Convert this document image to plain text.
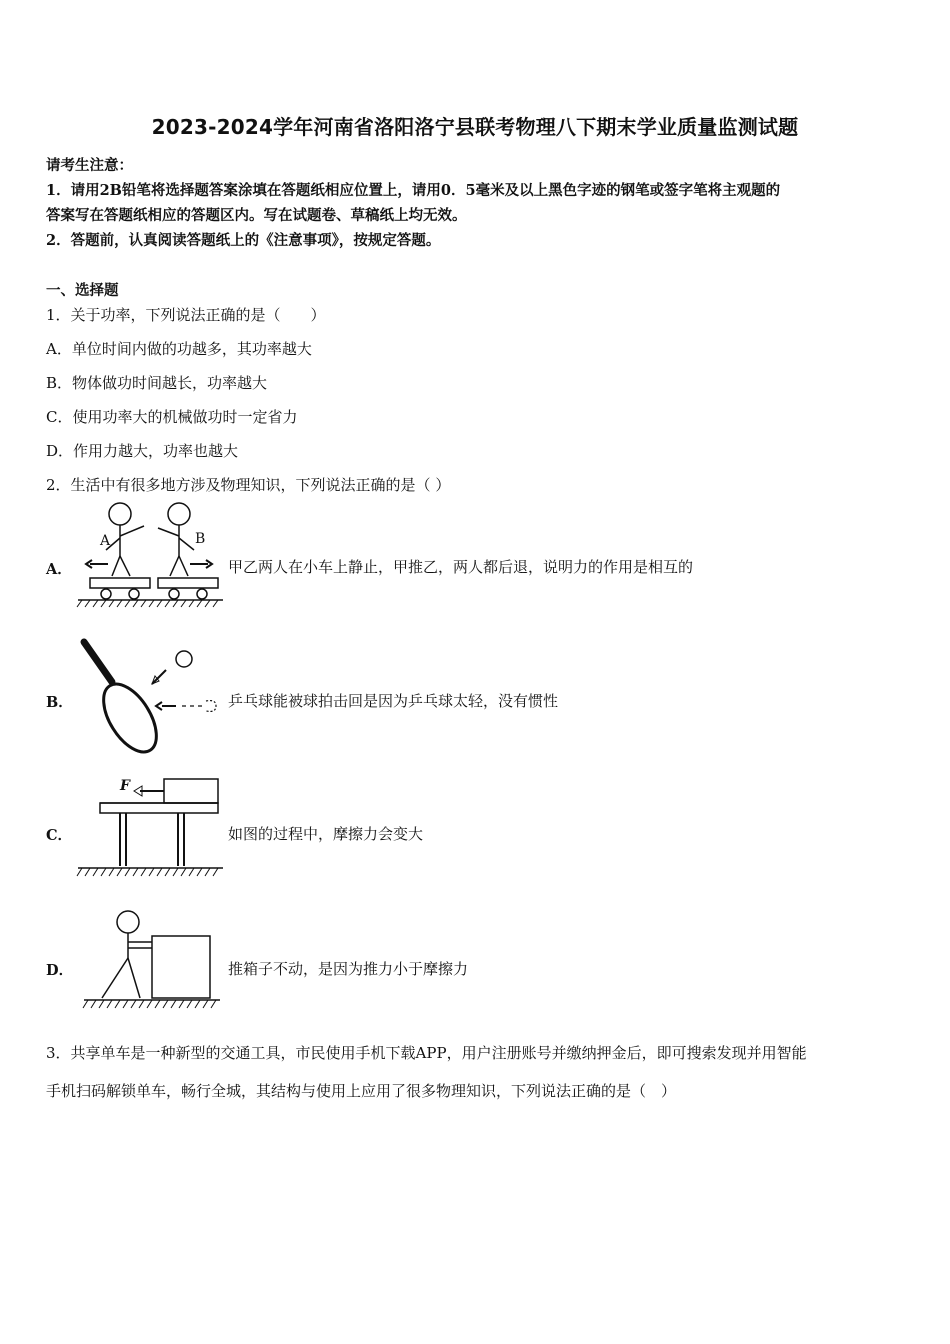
2023-2024学年河南省洛阳洛宁县联考物理八下期末学业质量监测试题
请考生注意：
1．请用2B铅笔将选择题答案涂填在答题纸相应位置上，请用0．5毫米及以上黑色字迹的钢笔或签字笔将主观题的
答案写在答题纸相应的答题区内。写在试题卷、草稿纸上均无效。
2．答题前，认真阅读答题纸上的《注意事项》，按规定答题。
一、选择题
1．关于功率，下列说法正确的是（　　）
A．单位时间内做的功越多，其功率越大
B．物体做功时间越长，功率越大
C．使用功率大的机械做功时一定省力
D．作用力越大，功率也越大
2．生活中有很多地方涉及物理知识，下列说法正确的是（ ）
A．
A	B
甲乙两人在小车上静止，甲推乙，两人都后退，说明力的作用是相互的
B．	乒乓球能被球拍击回是因为乒乓球太轻，没有惯性
C．
F
如图的过程中，摩擦力会变大
D．	推箱子不动，是因为推力小于摩擦力
3．共享单车是一种新型的交通工具，市民使用手机下载APP，用户注册账号并缴纳押金后，即可搜索发现并用智能
手机扫码解锁单车，畅行全城，其结构与使用上应用了很多物理知识，下列说法正确的是（　）
